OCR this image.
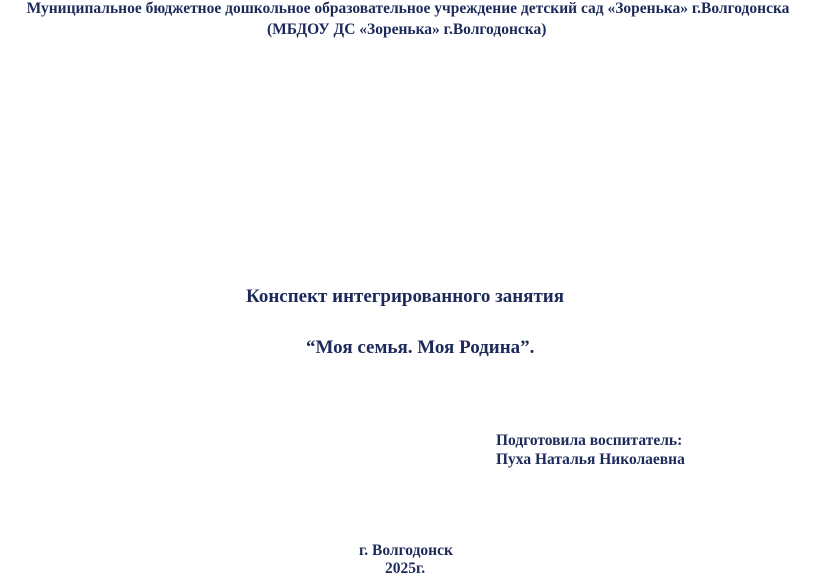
Муниципальное бюджетное дошкольное образовательное учреждение детский сад «Зоренька» г.Волгодонска
(МБДОУ ДС «Зоренька» г.Волгодонска)
Конспект интегрированного занятия
“Моя семья. Моя Родина”.
Подготовила воспитатель:
Пуха Наталья Николаевна
г. Волгодонск
2025г.
